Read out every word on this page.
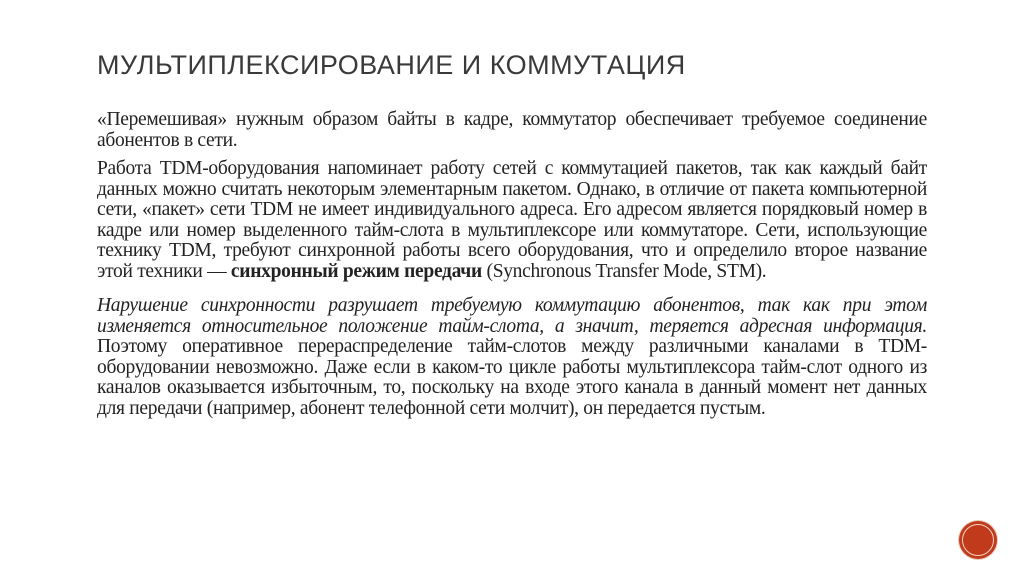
МУЛЬТИПЛЕКСИРОВАНИЕ И КОММУТАЦИЯ

«Перемешивая» нужным образом байты в кадре, коммутатор обеспечивает требуемое соединение абонентов в сети.

Работа TDM-оборудования напоминает работу сетей с коммутацией пакетов, так как каждый байт данных можно считать некоторым элементарным пакетом. Однако, в отличие от пакета компьютерной сети, «пакет» сети TDM не имеет индивидуального адреса. Его адресом является порядковый номер в кадре или номер выделенного тайм-слота в мультиплексоре или коммутаторе. Сети, использующие технику TDM, требуют синхронной работы всего оборудования, что и определило второе название этой техники — синхронный режим передачи (Synchronous Transfer Mode, STM).

Нарушение синхронности разрушает требуемую коммутацию абонентов, так как при этом изменяется относительное положение тайм-слота, а значит, теряется адресная информация. Поэтому оперативное перераспределение тайм-слотов между различными каналами в TDM-оборудовании невозможно. Даже если в каком-то цикле работы мультиплексора тайм-слот одного из каналов оказывается избыточным, то, поскольку на входе этого канала в данный момент нет данных для передачи (например, абонент телефонной сети молчит), он передается пустым.
